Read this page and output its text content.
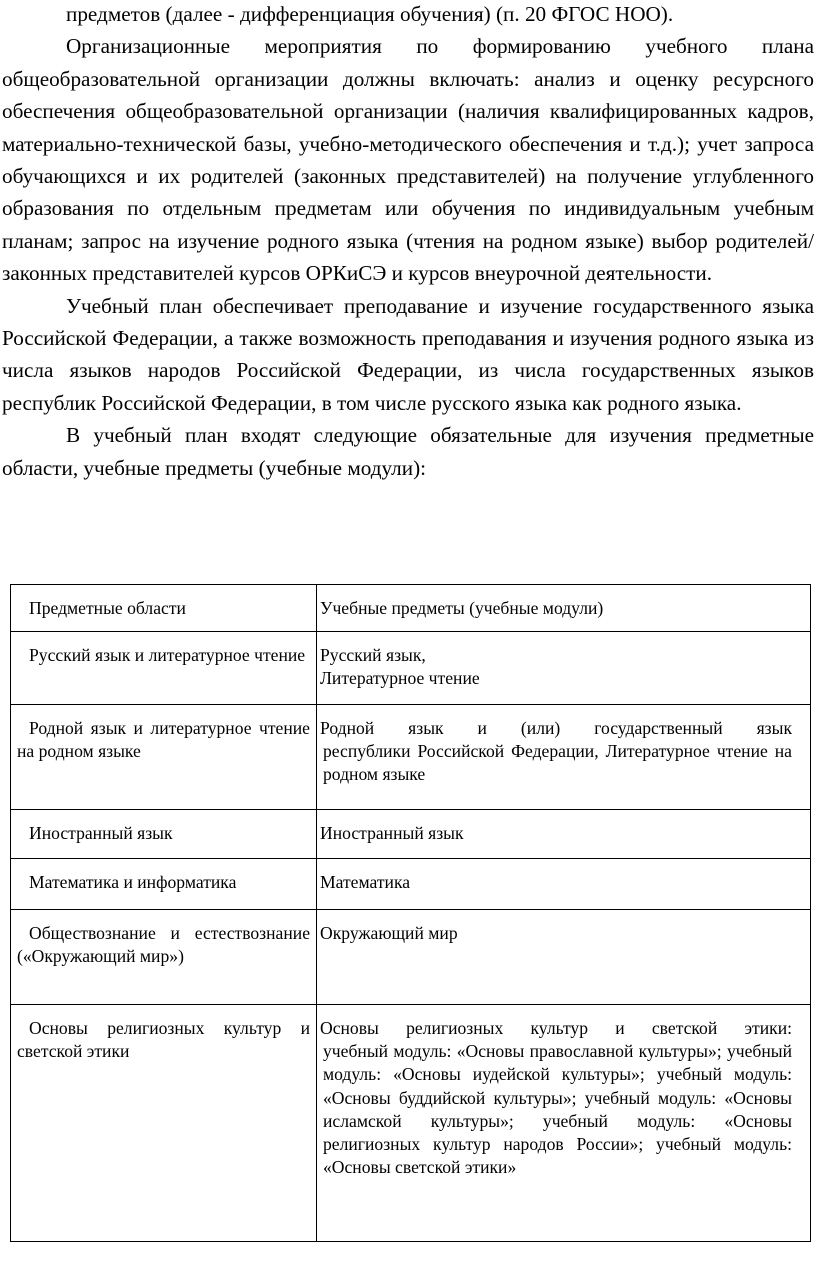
предметов (далее - дифференциация обучения) (п. 20 ФГОС НОО).

Организационные мероприятия по формированию учебного плана общеобразовательной организации должны включать: анализ и оценку ресурсного обеспечения общеобразовательной организации (наличия квалифицированных кадров, материально-технической базы, учебно-методического обеспечения и т.д.); учет запроса обучающихся и их родителей (законных представителей) на получение углубленного образования по отдельным предметам или обучения по индивидуальным учебным планам; запрос на изучение родного языка (чтения на родном языке) выбор родителей/законных представителей курсов ОРКиСЭ и курсов внеурочной деятельности.

Учебный план обеспечивает преподавание и изучение государственного языка Российской Федерации, а также возможность преподавания и изучения родного языка из числа языков народов Российской Федерации, из числа государственных языков республик Российской Федерации, в том числе русского языка как родного языка.

В учебный план входят следующие обязательные для изучения предметные области, учебные предметы (учебные модули):

Предметные области	Учебные предметы (учебные модули)

Русский язык и литературное чтение	Русский язык,
Литературное чтение

Родной язык и литературное чтение на родном языке	Родной язык и (или) государственный язык
республики Российской Федерации, Литературное чтение на родном языке

Иностранный язык	Иностранный язык

Математика и информатика	Математика

Обществознание и естествознание («Окружающий мир»)	Окружающий мир

Основы религиозных культур и светской этики	Основы религиозных культур и светской этики:
учебный модуль: «Основы православной культуры»; учебный модуль: «Основы иудейской культуры»; учебный модуль: «Основы буддийской культуры»; учебный модуль: «Основы исламской культуры»; учебный модуль: «Основы религиозных культур народов России»; учебный модуль: «Основы светской этики»
